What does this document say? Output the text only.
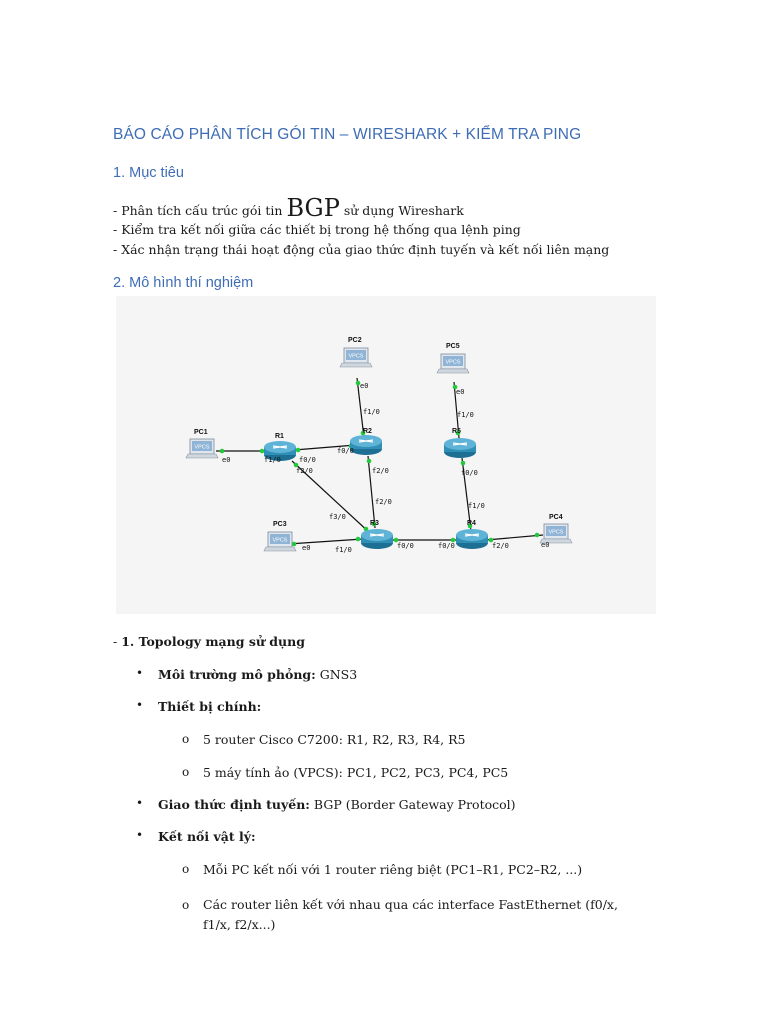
BÁO CÁO PHÂN TÍCH GÓI TIN – WIRESHARK + KIỂM TRA PING
1. Mục tiêu
- Phân tích cấu trúc gói tin BGP sử dụng Wireshark
- Kiểm tra kết nối giữa các thiết bị trong hệ thống qua lệnh ping
- Xác nhận trạng thái hoạt động của giao thức định tuyến và kết nối liên mạng
2. Mô hình thí nghiệm
VPCS
VPCS
VPCS
VPCS
VPCS
PC1
PC2
PC3
PC4
PC5
R1
R2
R3	R4
R5
e0	f1/0	f0/0
f2/0
f0/0
f1/0
f2/0
e0
f3/0
f2/0
f1/0	f0/0
e0	f0/0
f1/0
f2/0	e0
f0/0
f1/0
e0
- 1. Topology mạng sử dụng
• Môi trường mô phỏng: GNS3
• Thiết bị chính:
o 5 router Cisco C7200: R1, R2, R3, R4, R5
o 5 máy tính ảo (VPCS): PC1, PC2, PC3, PC4, PC5
• Giao thức định tuyến: BGP (Border Gateway Protocol)
• Kết nối vật lý:
o Mỗi PC kết nối với 1 router riêng biệt (PC1–R1, PC2–R2, ...)
o Các router liên kết với nhau qua các interface FastEthernet (f0/x, f1/x, f2/x...)
